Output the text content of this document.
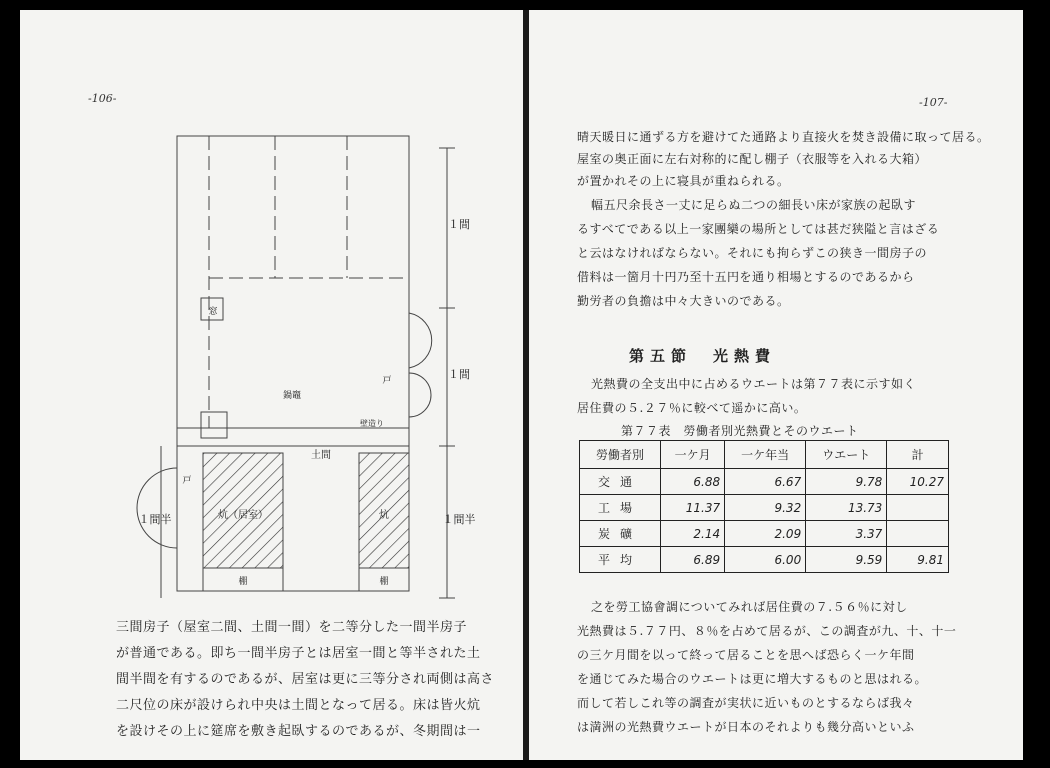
-106-
１間
１間
１間半
１間半
窓
鍋竈
炕（居室）	炕
土間
壁造り
戸
戸
棚	棚
三間房子（屋室二間、土間一間）を二等分した一間半房子
が普通である。即ち一間半房子とは居室一間と等半された土
間半間を有するのであるが、居室は更に三等分され両側は高さ
二尺位の床が設けられ中央は土間となって居る。床は皆火炕
を設けその上に筵席を敷き起臥するのであるが、冬期間は一
-107-
晴天暖日に通ずる方を避けてた通路より直接火を焚き設備に取って居る。
屋室の奥正面に左右対称的に配し棚子（衣服等を入れる大箱）
が置かれその上に寝具が重ねられる。
幅五尺余長さ一丈に足らぬ二つの細長い床が家族の起臥す
るすべてである以上一家團欒の場所としては甚だ狭隘と言はざる
と云はなければならない。それにも拘らずこの狭き一間房子の
借料は一箇月十円乃至十五円を通り相場とするのであるから
勤労者の負擔は中々大きいのである。
第五節　光熱費
光熱費の全支出中に占めるウエートは第７７表に示す如く
居住費の５.２７％に較べて遥かに高い。
第７７表　勞働者別光熱費とそのウエート
勞働者別	一ケ月	一ケ年当	ウエート	計
交通	6.88	6.67	9.78	10.27
工場	11.37	9.32	13.73	
炭礦	2.14	2.09	3.37	
平均	6.89	6.00	9.59	9.81
之を勞工協會調についてみれば居住費の７.５６％に対し
光熱費は５.７７円、８％を占めて居るが、この調査が九、十、十一
の三ケ月間を以って終って居ることを思へば恐らく一ケ年間
を通じてみた場合のウエートは更に増大するものと思はれる。
而して若しこれ等の調査が実状に近いものとするならば我々
は満洲の光熱費ウエートが日本のそれよりも幾分高いといふ
